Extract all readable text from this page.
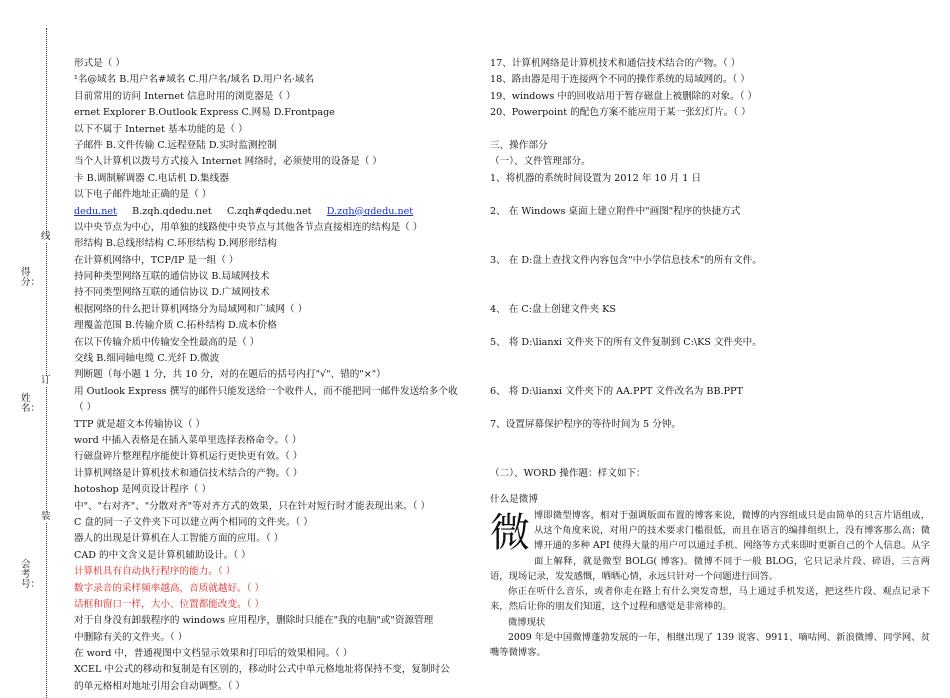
得分：
姓名：
会考号：
线
订
装
形式是（ ）
¹名@域名 B.用户名#域名 C.用户名/域名 D.用户名·域名
目前常用的访问 Internet 信息时用的浏览器是（ ）
ernet Explorer B.Outlook Express C.网易 D.Frontpage
以下不属于 Internet 基本功能的是（ ）
子邮件 B.文件传输 C.远程登陆 D.实时监测控制
当个人计算机以拨号方式接入 Internet 网络时，必须使用的设备是（ ）
卡 B.调制解调器 C.电话机 D.集线器
以下电子邮件地址正确的是（ ）
dedu.net B.zqh.qdedu.net C.zqh#qdedu.net D.zqh@qdedu.net
以中央节点为中心，用单独的线路使中央节点与其他各节点直接相连的结构是（ ）
形结构 B.总线形结构 C.环形结构 D.网形形结构
在计算机网络中，TCP/IP 是一组（ ）
持同种类型网络互联的通信协议 B.局域网技术
持不同类型网络互联的通信协议 D.广域网技术
根据网络的什么把计算机网络分为局域网和广域网（ ）
理覆盖范围 B.传输介质 C.拓朴结构 D.成本价格
在以下传输介质中传输安全性最高的是（ ）
交线 B.细同轴电缆 C.光纤 D.微波
判断题（每小题 1 分，共 10 分，对的在题后的括号内打"√"、错的"×"）
用 Outlook Express 撰写的邮件只能发送给一个收件人，而不能把同一邮件发送给多个收
（ ）
TTP 就是超文本传输协议（ ）
word 中插入表格是在插入菜单里选择表格命令。（ ）
行磁盘碎片整理程序能使计算机运行更快更有效。（ ）
计算机网络是计算机技术和通信技术结合的产物。（ ）
hotoshop 是网页设计程序（ ）
中"、"右对齐"、"分散对齐"等对齐方式的效果，只在针对短行时才能表现出来。（ ）
C 盘的同一子文件夹下可以建立两个相同的文件夹。（ ）
器人的出现是计算机在人工智能方面的应用。（ ）
CAD 的中文含义是计算机辅助设计。（ ）
计算机具有自动执行程序的能力。（ ）
数字录音的采样频率越高，音质就越好。（ ）
话框和窗口一样，大小、位置都能改变。（ ）
对于自身没有卸载程序的 windows 应用程序，删除时只能在"我的电脑"或"资源管理
中删除有关的文件夹。（ ）
在 word 中，普通视图中文档显示效果和打印后的效果相同。（ ）
XCEL 中公式的移动和复制是有区别的，移动时公式中单元格地址将保持不变，复制时公
的单元格相对地址引用会自动调整。（ ）
17、计算机网络是计算机技术和通信技术结合的产物。（ ）
18、路由器是用于连接两个不同的操作系统的局域网的。（ ）
19、windows 中的回收站用于暂存磁盘上被删除的对象。（ ）
20、Powerpoint 的配色方案不能应用于某一张幻灯片。（ ）
三、操作部分
（一）、文件管理部分。
1、将机器的系统时间设置为 2012 年 10 月 1 日
2、 在 Windows 桌面上建立附件中"画图"程序的快捷方式
3、 在 D:盘上查找文件内容包含"中小学信息技术"的所有文件。
4、 在 C:盘上创建文件夹 KS
5、 将 D:\lianxi 文件夹下的所有文件复制到 C:\KS 文件夹中。
6、 将 D:\lianxi 文件夹下的 AA.PPT 文件改名为 BB.PPT
7、设置屏幕保护程序的等待时间为 5 分钟。
（二）、WORD 操作题：样文如下：
什么是微博
微博即微型博客，相对于强调版面布置的博客来说，微博的内容组成只是由简单的只言片语组成，从这个角度来说，对用户的技术要求门槛很低，而且在语言的编排组织上，没有博客那么高；微博开通的多种 API 使得大量的用户可以通过手机、网络等方式来即时更新自己的个人信息。从字面上解释，就是微型 BOLG( 博客)。微博不同于一般 BLOG，它只记录片段、碎语，三言两语，现场记录，发发感慨，晒晒心情，永远只针对一个问题进行回答。
你正在听什么音乐，或者你走在路上有什么突发奇想，马上通过手机发送，把这些片段、观点记录下来，然后让你的朋友们知道，这个过程和感觉是非常棒的。
微博现状
2009 年是中国微博蓬勃发展的一年，相继出现了 139 说客、9911、嘀咕网、新浪微博、同学网、贫嘴等微博客。
